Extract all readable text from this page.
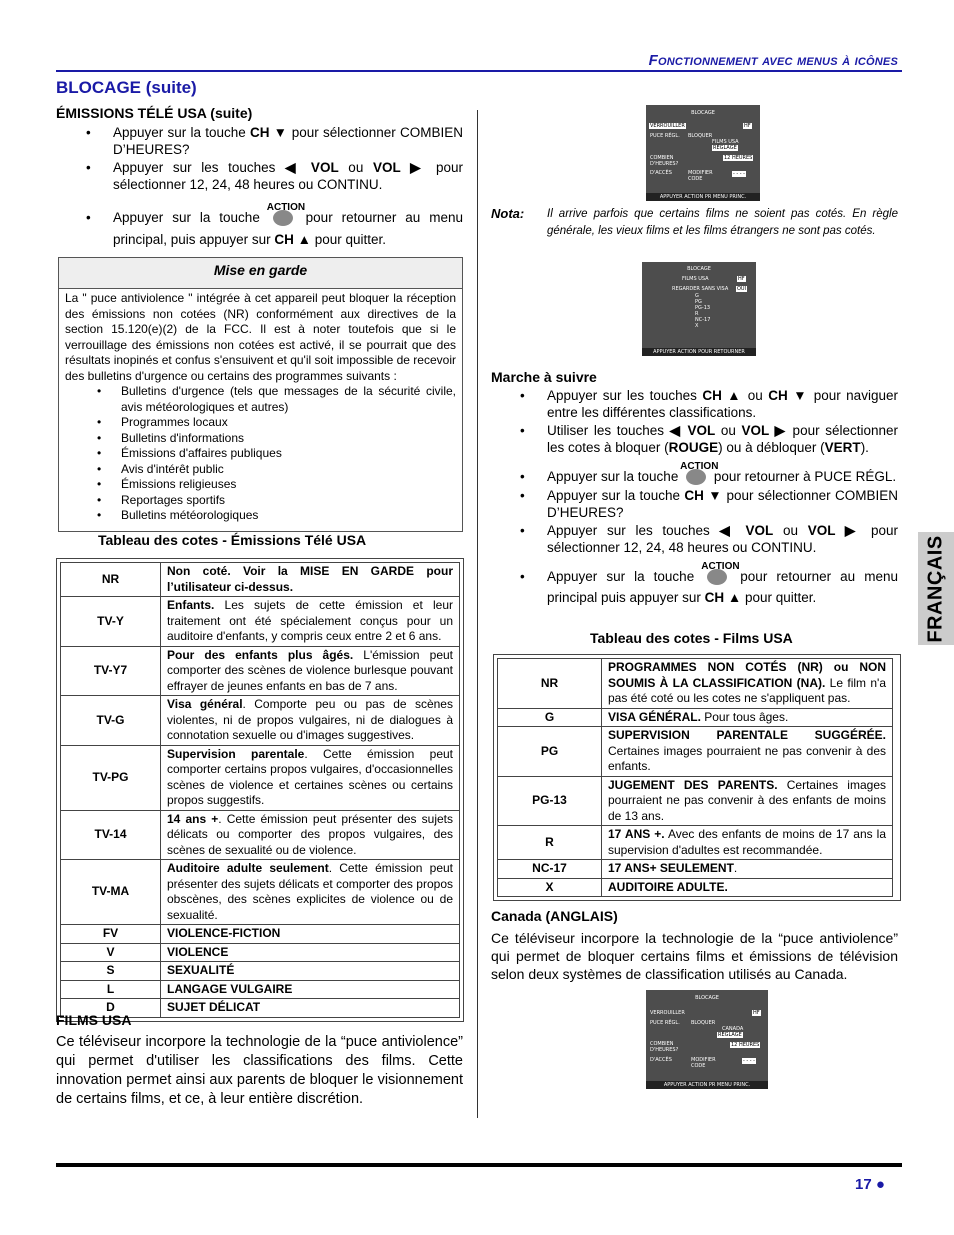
Fonctionnement avec menus à icônes
BLOCAGE (suite)
ÉMISSIONS TÉLÉ USA (suite)
• Appuyer sur la touche CH ▼ pour sélectionner COMBIEN D’HEURES?
• Appuyer sur les touches ◀ VOL ou VOL ▶ pour sélectionner 12, 24, 48 heures ou CONTINU.
• Appuyer sur la touche
ACTION
pour retourner au menu principal, puis appuyer sur CH ▲ pour quitter.
Mise en garde
La " puce antiviolence " intégrée à cet appareil peut bloquer la réception des émissions non cotées (NR) conformément aux directives de la section 15.120(e)(2) de la FCC. Il est à noter toutefois que si le verrouillage des émissions non cotées est activé, il se pourrait que des résultats inopinés et confus s'ensuivent et qu'il soit impossible de recevoir des bulletins d'urgence ou certains des programmes suivants :
• Bulletins d'urgence (tels que messages de la sécurité civile, avis météorologiques et autres)
• Programmes locaux
• Bulletins d'informations
• Émissions d'affaires publiques
• Avis d'intérêt public
• Émissions religieuses
• Reportages sportifs
• Bulletins météorologiques
Tableau des cotes - Émissions Télé USA
NR	Non coté. Voir la MISE EN GARDE pour l’utilisateur ci-dessus.
TV-Y	Enfants. Les sujets de cette émission et leur traitement ont été spécialement conçus pour un auditoire d'enfants, y compris ceux entre 2 et 6 ans.
TV-Y7	Pour des enfants plus âgés. L'émission peut comporter des scènes de violence burlesque pouvant effrayer de jeunes enfants en bas de 7 ans.
TV-G	Visa général. Comporte peu ou pas de scènes violentes, ni de propos vulgaires, ni de dialogues à connotation sexuelle ou d'images suggestives.
TV-PG	Supervision parentale. Cette émission peut comporter certains propos vulgaires, d'occasionnelles scènes de violence et certaines scènes ou certains propos suggestifs.
TV-14	14 ans +. Cette émission peut présenter des sujets délicats ou comporter des propos vulgaires, des scènes de sexualité ou de violence.
TV-MA	Auditoire adulte seulement. Cette émission peut présenter des sujets délicats et comporter des propos obscènes, des scènes explicites de violence ou de sexualité.
FV	VIOLENCE-FICTION
V	VIOLENCE
S	SEXUALITÉ
L	LANGAGE VULGAIRE
D	SUJET DÉLICAT
FILMS USA
Ce téléviseur incorpore la technologie de la “puce antiviolence” qui permet d'utiliser les classifications des films. Cette innovation permet ainsi aux parents de bloquer le visionnement de certains films, et ce, à leur entière discrétion.
BLOCAGE
VERROUILLER	HF
PUCE RÉGL. BLOQUER
FILMS USA
RÉGLAGE
COMBIEN D'HEURES?
12 HEURES
D'ACCÈS	MODIFIER CODE
- - - -
APPUYER ACTION PR MENU PRINC.
Nota: Il arrive parfois que certains films ne soient pas cotés. En règle générale, les vieux films et les films étrangers ne sont pas cotés.
BLOCAGE
FILMS USA	HF
REGARDER SANS VISA OUI
G
PG
PG-13
R
NC-17
X
APPUYER ACTION POUR RETOURNER
Marche à suivre
• Appuyer sur les touches CH ▲ ou CH ▼ pour naviguer entre les différentes classifications.
• Utiliser les touches ◀ VOL ou VOL ▶ pour sélectionner les cotes à bloquer (ROUGE) ou à débloquer (VERT).
• Appuyer sur la touche
ACTION
pour retourner à PUCE RÉGL.
• Appuyer sur la touche CH ▼ pour sélectionner COMBIEN D’HEURES?
• Appuyer sur les touches ◀ VOL ou VOL ▶ pour sélectionner 12, 24, 48 heures ou CONTINU.
• Appuyer sur la touche
ACTION
pour retourner au menu principal puis appuyer sur CH ▲ pour quitter.
Tableau des cotes - Films USA
NR	PROGRAMMES NON COTÉS (NR) ou NON SOUMIS À LA CLASSIFICATION (NA). Le film n'a pas été coté ou les cotes ne s'appliquent pas.
G	VISA GÉNÉRAL. Pour tous âges.
PG	SUPERVISION PARENTALE SUGGÉRÉE. Certaines images pourraient ne pas convenir à des enfants.
PG-13	JUGEMENT DES PARENTS. Certaines images pourraient ne pas convenir à des enfants de moins de 13 ans.
R	17 ANS +. Avec des enfants de moins de 17 ans la supervision d'adultes est recommandée.
NC-17	17 ANS+ SEULEMENT.
X	AUDITOIRE ADULTE.
Canada (ANGLAIS)
Ce téléviseur incorpore la technologie de la “puce antiviolence” qui permet de bloquer certains films et émissions de télévision selon deux systèmes de classification utilisés au Canada.
BLOCAGE
VERROUILLER	HF
PUCE RÉGL. BLOQUER
CANADA
RÉGLAGE
COMBIEN D'HEURES?
12 HEURES
D'ACCÈS	MODIFIER CODE
- - - -
APPUYER ACTION PR MENU PRINC.
FRANÇAIS
17 ●
